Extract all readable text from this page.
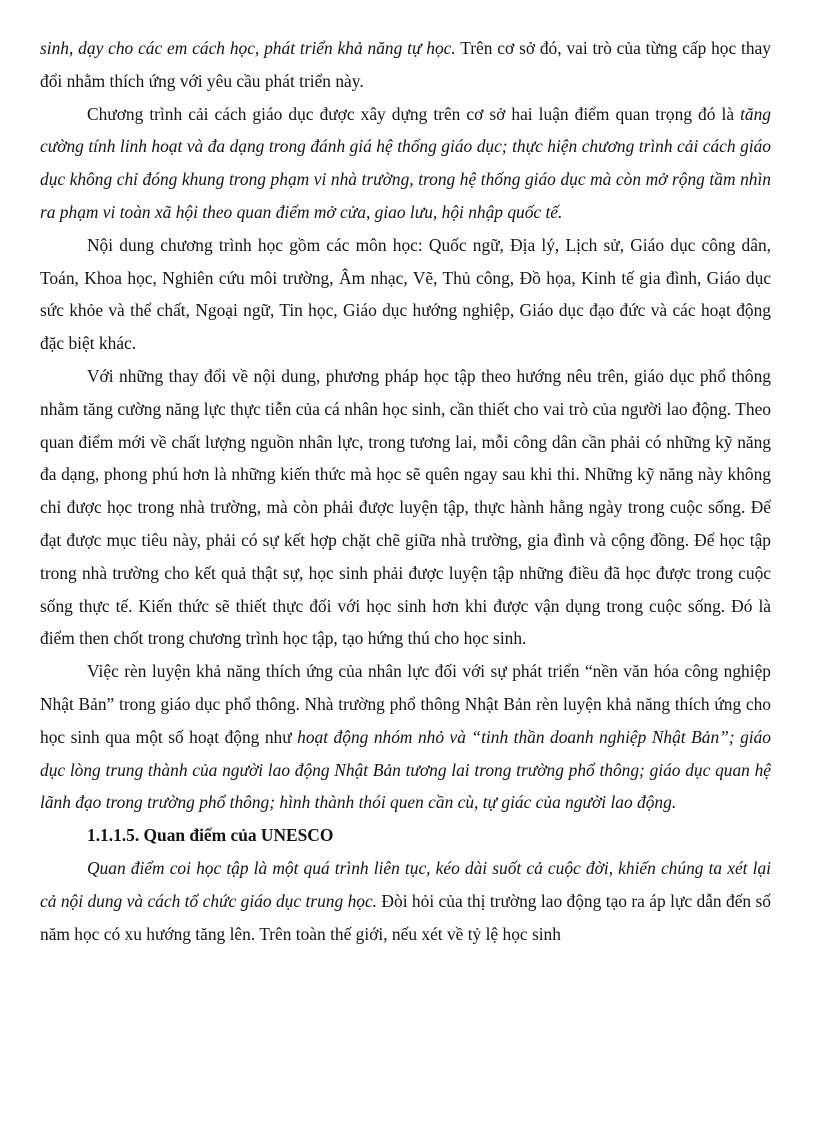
sinh, dạy cho các em cách học, phát triển khả năng tự học. Trên cơ sở đó, vai trò của từng cấp học thay đổi nhằm thích ứng với yêu cầu phát triển này.

Chương trình cải cách giáo dục được xây dựng trên cơ sở hai luận điểm quan trọng đó là tăng cường tính linh hoạt và đa dạng trong đánh giá hệ thống giáo dục; thực hiện chương trình cải cách giáo dục không chỉ đóng khung trong phạm vi nhà trường, trong hệ thống giáo dục mà còn mở rộng tầm nhìn ra phạm vi toàn xã hội theo quan điểm mở cửa, giao lưu, hội nhập quốc tế.

Nội dung chương trình học gồm các môn học: Quốc ngữ, Địa lý, Lịch sử, Giáo dục công dân, Toán, Khoa học, Nghiên cứu môi trường, Âm nhạc, Vẽ, Thủ công, Đồ họa, Kinh tế gia đình, Giáo dục sức khỏe và thể chất, Ngoại ngữ, Tin học, Giáo dục hướng nghiệp, Giáo dục đạo đức và các hoạt động đặc biệt khác.

Với những thay đổi về nội dung, phương pháp học tập theo hướng nêu trên, giáo dục phổ thông nhằm tăng cường năng lực thực tiễn của cá nhân học sinh, cần thiết cho vai trò của người lao động. Theo quan điểm mới về chất lượng nguồn nhân lực, trong tương lai, mỗi công dân cần phải có những kỹ năng đa dạng, phong phú hơn là những kiến thức mà học sẽ quên ngay sau khi thi. Những kỹ năng này không chỉ được học trong nhà trường, mà còn phải được luyện tập, thực hành hằng ngày trong cuộc sống. Để đạt được mục tiêu này, phải có sự kết hợp chặt chẽ giữa nhà trường, gia đình và cộng đồng. Để học tập trong nhà trường cho kết quả thật sự, học sinh phải được luyện tập những điều đã học được trong cuộc sống thực tế. Kiến thức sẽ thiết thực đối với học sinh hơn khi được vận dụng trong cuộc sống. Đó là điểm then chốt trong chương trình học tập, tạo hứng thú cho học sinh.

Việc rèn luyện khả năng thích ứng của nhân lực đối với sự phát triển “nền văn hóa công nghiệp Nhật Bản” trong giáo dục phổ thông. Nhà trường phổ thông Nhật Bản rèn luyện khả năng thích ứng cho học sinh qua một số hoạt động như hoạt động nhóm nhỏ và “tinh thần doanh nghiệp Nhật Bản”; giáo dục lòng trung thành của người lao động Nhật Bản tương lai trong trường phổ thông; giáo dục quan hệ lãnh đạo trong trường phổ thông; hình thành thói quen cần cù, tự giác của người lao động.

1.1.1.5. Quan điểm của UNESCO

Quan điểm coi học tập là một quá trình liên tục, kéo dài suốt cả cuộc đời, khiến chúng ta xét lại cả nội dung và cách tổ chức giáo dục trung học. Đòi hỏi của thị trường lao động tạo ra áp lực dẫn đến số năm học có xu hướng tăng lên. Trên toàn thế giới, nếu xét về tỷ lệ học sinh
